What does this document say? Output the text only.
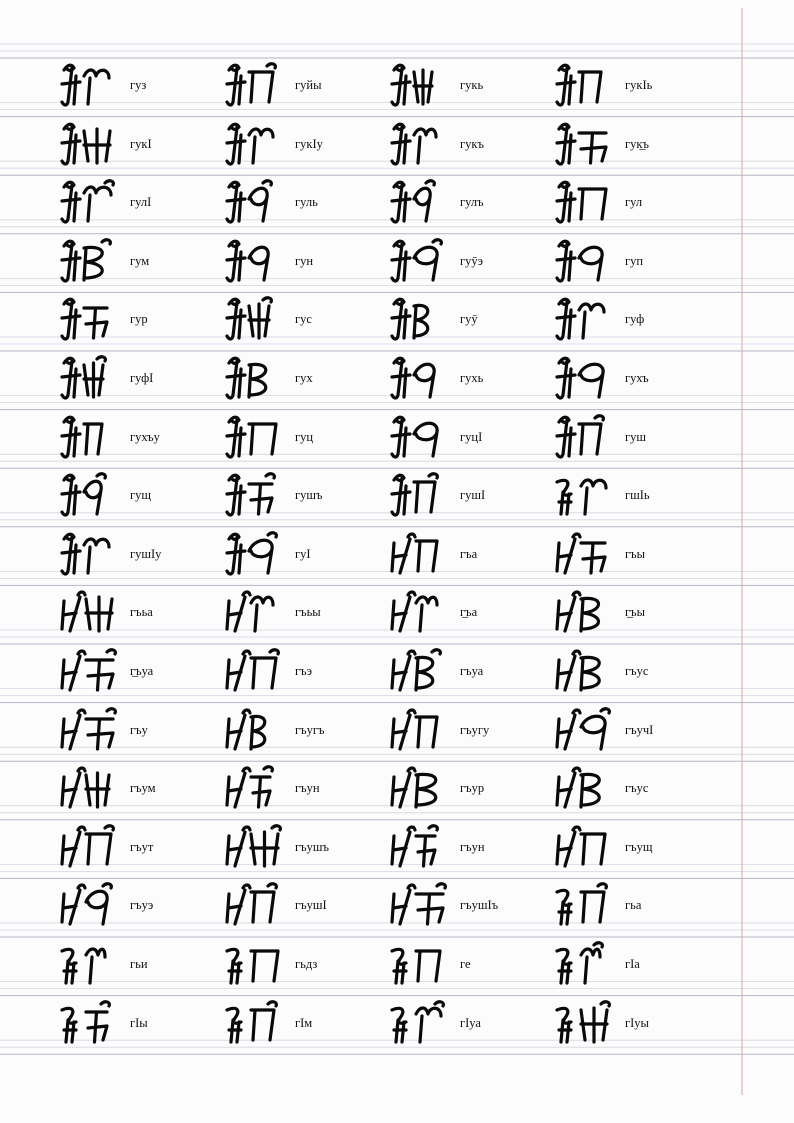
гуз	гуйы	гукь	гукIь
гукI	гукIу	гукъ	гук̲ъ
гулI	гуль	гулъ	гул
гум	гун	гуӯэ	гуп
гур	гус	гуӯ	гуф
гуфI	гух	гухь	гухъ
гухъу	гуц	гуцI	гуш
гущ	гушъ	гушI	гшIь
гушIу	гуI	гъа	гъы
гъьа	гъьы	г̲ъа	г̲ъы
г̲ъуа	гъэ	гъуа	гъус
гъу	гъугъ	гъугу	гъучI
гъум	гъун	гъур	гъус
гъут	гъушъ	гъун	гъущ
гъуэ	гъушI	гъушIъ	гьа
гьи	гьдз	ге	гIа
гIы	гIм	гIуа	гIуы
